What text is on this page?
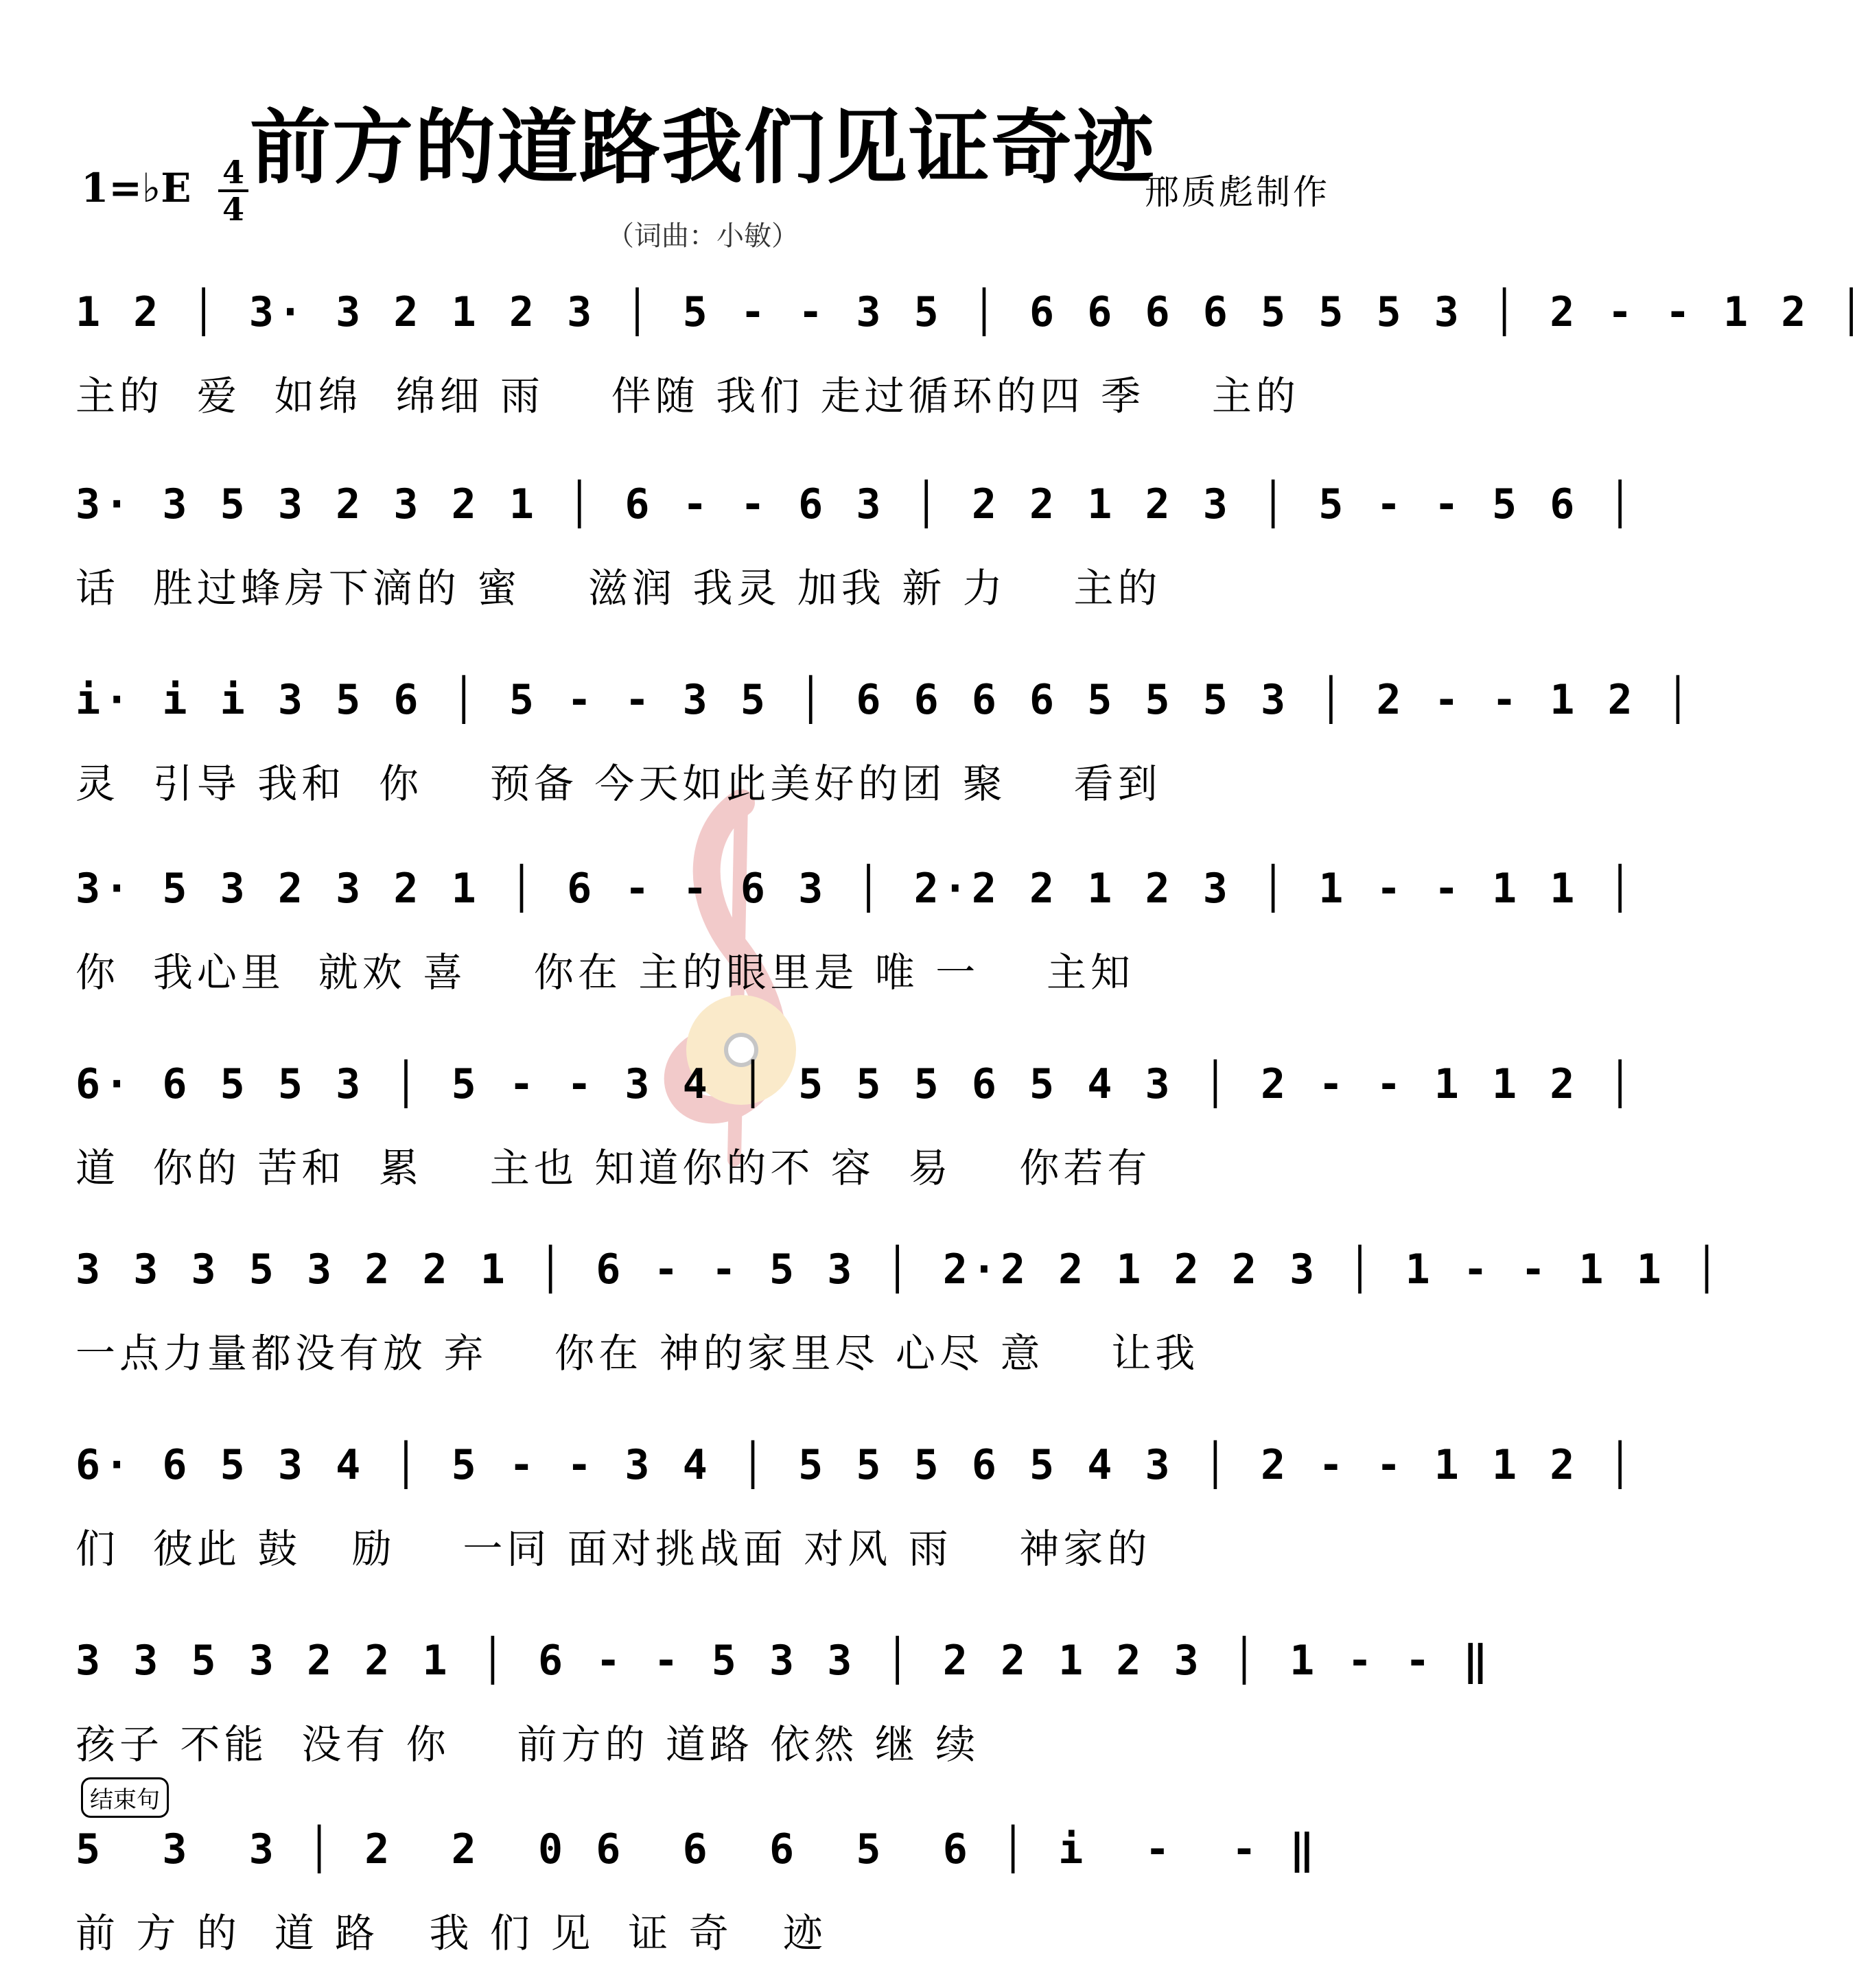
前方的道路我们见证奇迹
1=♭E 4
4	邢质彪制作
（词曲：小敏）
1 2 │ 3· 3 2 1 2 3 │ 5 - - 3 5 │ 6 6 6 6 5 5 5 3 │ 2 - - 1 2 │
主的  爱  如绵  绵细 雨    伴随 我们 走过循环的四 季    主的
3· 3 5 3 2 3 2 1 │ 6 - - 6 3 │ 2 2 1 2 3 │ 5 - - 5 6 │
话  胜过蜂房下滴的 蜜    滋润 我灵 加我 新 力    主的
i· i i 3 5 6 │ 5 - - 3 5 │ 6 6 6 6 5 5 5 3 │ 2 - - 1 2 │
灵  引导 我和  你    预备 今天如此美好的团 聚    看到
3· 5 3 2 3 2 1 │ 6 - - 6 3 │ 2·2 2 1 2 3 │ 1 - - 1 1 │
你  我心里  就欢 喜    你在 主的眼里是 唯 一    主知
6· 6 5 5 3 │ 5 - - 3 4 │ 5 5 5 6 5 4 3 │ 2 - - 1 1 2 │
道  你的 苦和  累    主也 知道你的不 容  易    你若有
3 3 3 5 3 2 2 1 │ 6 - - 5 3 │ 2·2 2 1 2 2 3 │ 1 - - 1 1 │
一点力量都没有放 弃    你在 神的家里尽 心尽 意    让我
6· 6 5 3 4 │ 5 - - 3 4 │ 5 5 5 6 5 4 3 │ 2 - - 1 1 2 │
们  彼此 鼓   励    一同 面对挑战面 对风 雨    神家的
3 3 5 3 2 2 1 │ 6 - - 5 3 3 │ 2 2 1 2 3 │ 1 - - ‖
孩子 不能  没有 你    前方的 道路 依然 继 续
结束句
5  3  3 │ 2  2  0 6  6  6  5  6 │ i  -  - ‖
前 方 的  道 路   我 们 见  证 奇   迹
